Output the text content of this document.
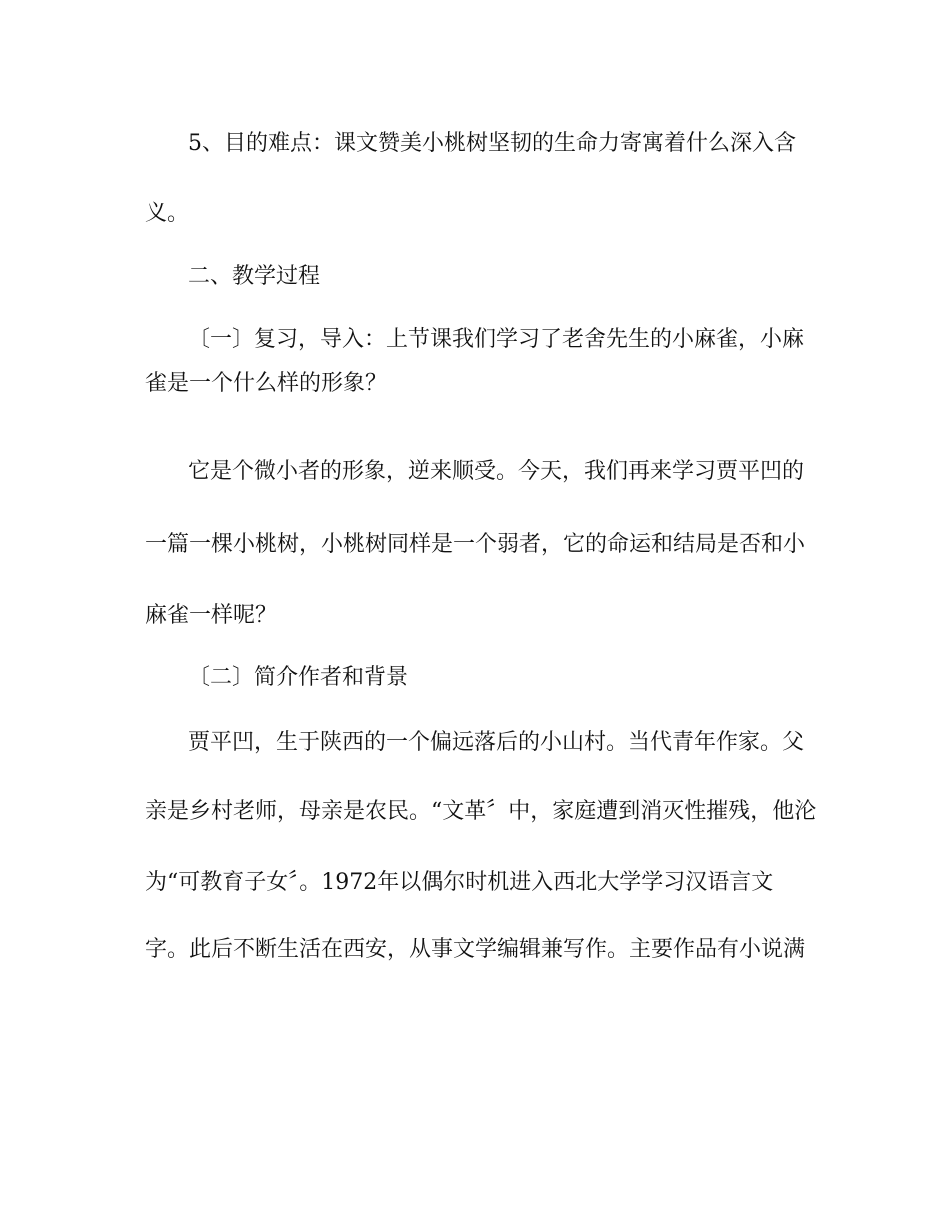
5、目的难点：课文赞美小桃树坚韧的生命力寄寓着什么深入含
义。
二、教学过程
〔一〕复习，导入：上节课我们学习了老舍先生的小麻雀，小麻
雀是一个什么样的形象？
它是个微小者的形象，逆来顺受。今天，我们再来学习贾平凹的
一篇一棵小桃树，小桃树同样是一个弱者，它的命运和结局是否和小
麻雀一样呢？
〔二〕简介作者和背景
贾平凹，生于陕西的一个偏远落后的小山村。当代青年作家。父
亲是乡村老师，母亲是农民。“文革〞中，家庭遭到消灭性摧残，他沦
为“可教育子女〞。1972年以偶尔时机进入西北大学学习汉语言文
字。此后不断生活在西安，从事文学编辑兼写作。主要作品有小说满
